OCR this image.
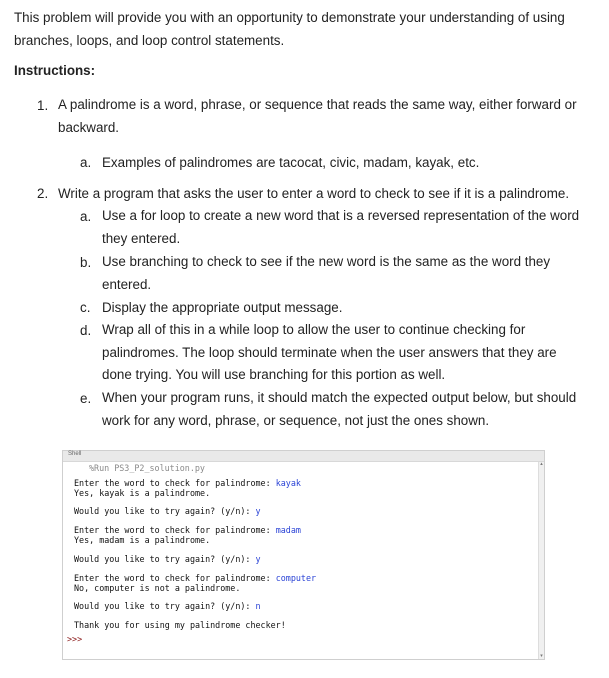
This problem will provide you with an opportunity to demonstrate your understanding of using
branches, loops, and loop control statements.
Instructions:
1. A palindrome is a word, phrase, or sequence that reads the same way, either forward or
backward.
a. Examples of palindromes are tacocat, civic, madam, kayak, etc.
2. Write a program that asks the user to enter a word to check to see if it is a palindrome.
a. Use a for loop to create a new word that is a reversed representation of the word
they entered.
b. Use branching to check to see if the new word is the same as the word they
entered.
c. Display the appropriate output message.
d. Wrap all of this in a while loop to allow the user to continue checking for
palindromes. The loop should terminate when the user answers that they are
done trying. You will use branching for this portion as well.
e. When your program runs, it should match the expected output below, but should
work for any word, phrase, or sequence, not just the ones shown.
Shell
▴
▾
%Run PS3_P2_solution.py
Enter the word to check for palindrome: kayak
Yes, kayak is a palindrome.
Would you like to try again? (y/n): y
Enter the word to check for palindrome: madam
Yes, madam is a palindrome.
Would you like to try again? (y/n): y
Enter the word to check for palindrome: computer
No, computer is not a palindrome.
Would you like to try again? (y/n): n
Thank you for using my palindrome checker!
>>>
